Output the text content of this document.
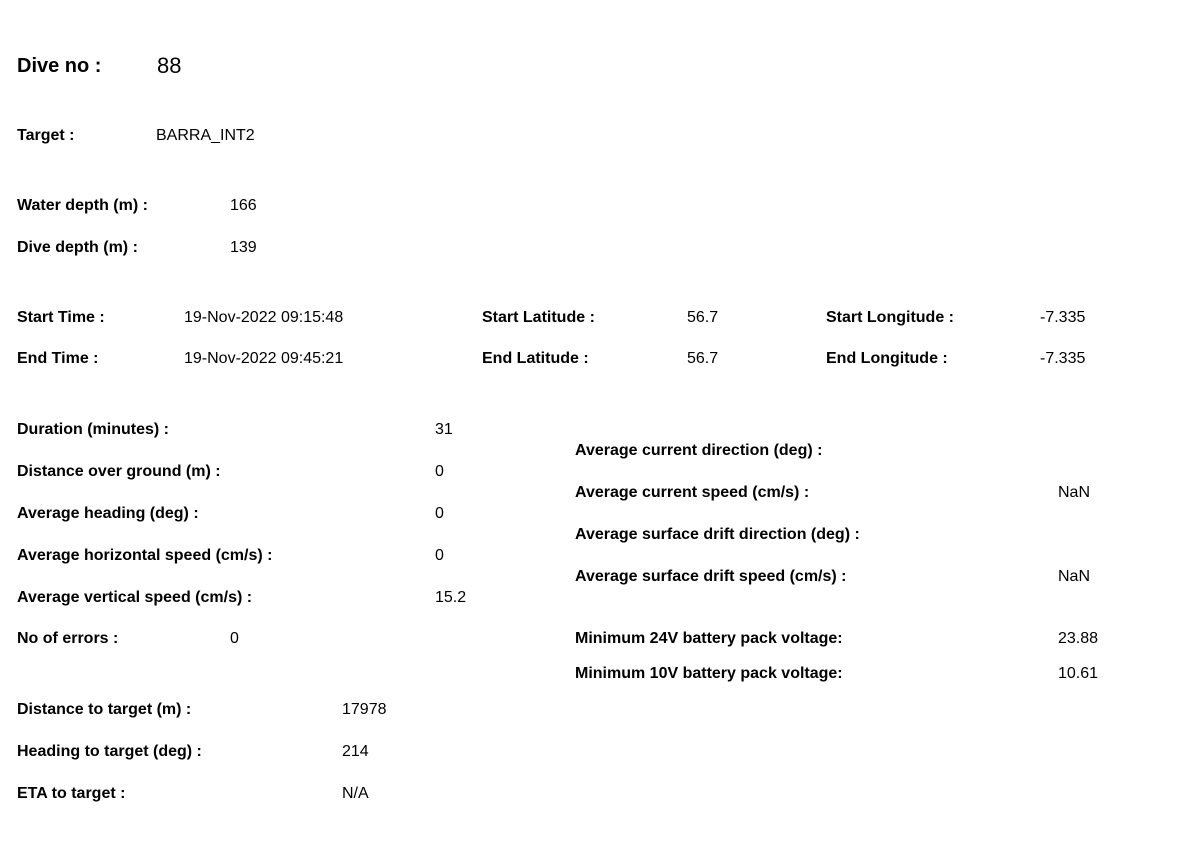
Dive no :	88
Target :	BARRA_INT2
Water depth (m) :	166
Dive depth (m) :	139
Start Time :	19-Nov-2022 09:15:48
End Time :	19-Nov-2022 09:45:21
Start Latitude :	56.7
End Latitude :	56.7
Start Longitude :	-7.335
End Longitude :	-7.335
Duration (minutes) :	31
Distance over ground (m) :	0
Average heading (deg) :	0
Average horizontal speed (cm/s) :	0
Average vertical speed (cm/s) :	15.2
No of errors :	0
Average current direction (deg) :
Average current speed (cm/s) :	NaN
Average surface drift direction (deg) :
Average surface drift speed (cm/s) :	NaN
Minimum 24V battery pack voltage:	23.88
Minimum 10V battery pack voltage:	10.61
Distance to target (m) :	17978
Heading to target (deg) :	214
ETA to target :	N/A
